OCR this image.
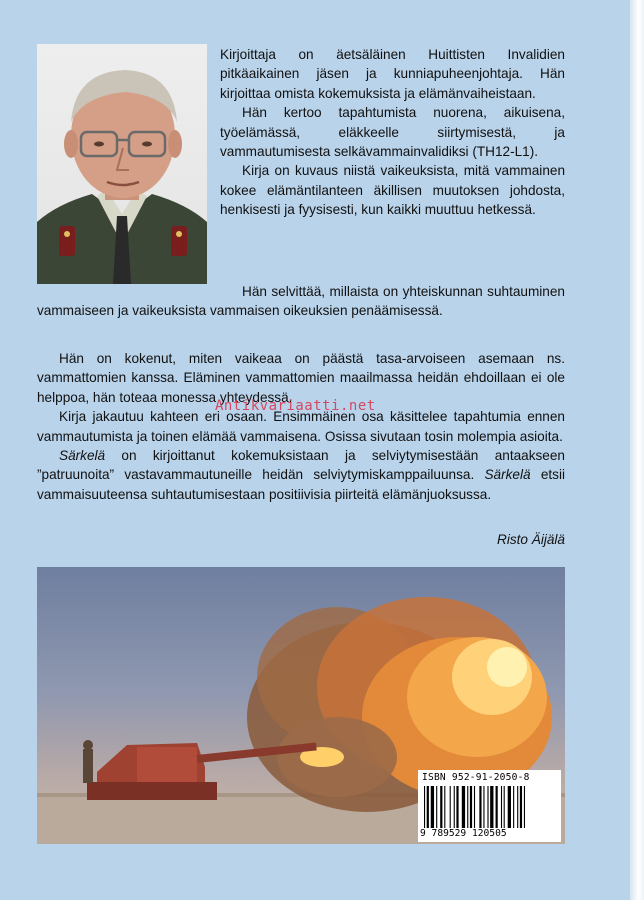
Kirjoittaja on äetsäläinen Huittisten Invalidien pitkäaikainen jäsen ja kunniapuheenjohtaja. Hän kirjoittaa omista kokemuksista ja elämänvaiheistaan.

Hän kertoo tapahtumista nuorena, aikuisena, työelämässä, eläkkeelle siirtymisestä, ja vammautumisesta selkävammainvalidiksi (TH12-L1).

Kirja on kuvaus niistä vaikeuksista, mitä vammainen kokee elämäntilanteen äkillisen muutoksen johdosta, henkisesti ja fyysisesti, kun kaikki muuttuu hetkessä.

Hän selvittää, millaista on yhteiskunnan suhtauminen vammaiseen ja vaikeuksista vammaisen oikeuksien penäämisessä.

Hän on kokenut, miten vaikeaa on päästä tasa-arvoiseen asemaan ns. vammattomien kanssa. Eläminen vammattomien maailmassa heidän ehdoillaan ei ole helppoa, hän toteaa monessa yhteydessä.

Kirja jakautuu kahteen eri osaan. Ensimmäinen osa käsittelee tapahtumia ennen vammautumista ja toinen elämää vammaisena. Osissa sivutaan tosin molempia asioita.

Särkelä on kirjoittanut kokemuksistaan ja selviytymisestään antaakseen ”patruunoita” vastavammautuneille heidän selviytymiskamppailuunsa. Särkelä etsii vammaisuuteensa suhtautumisestaan positiivisia piirteitä elämänjuoksussa.

Antikvariaatti.net
Risto Äijälä
ISBN 952-91-2050-8
9 789529 120505
